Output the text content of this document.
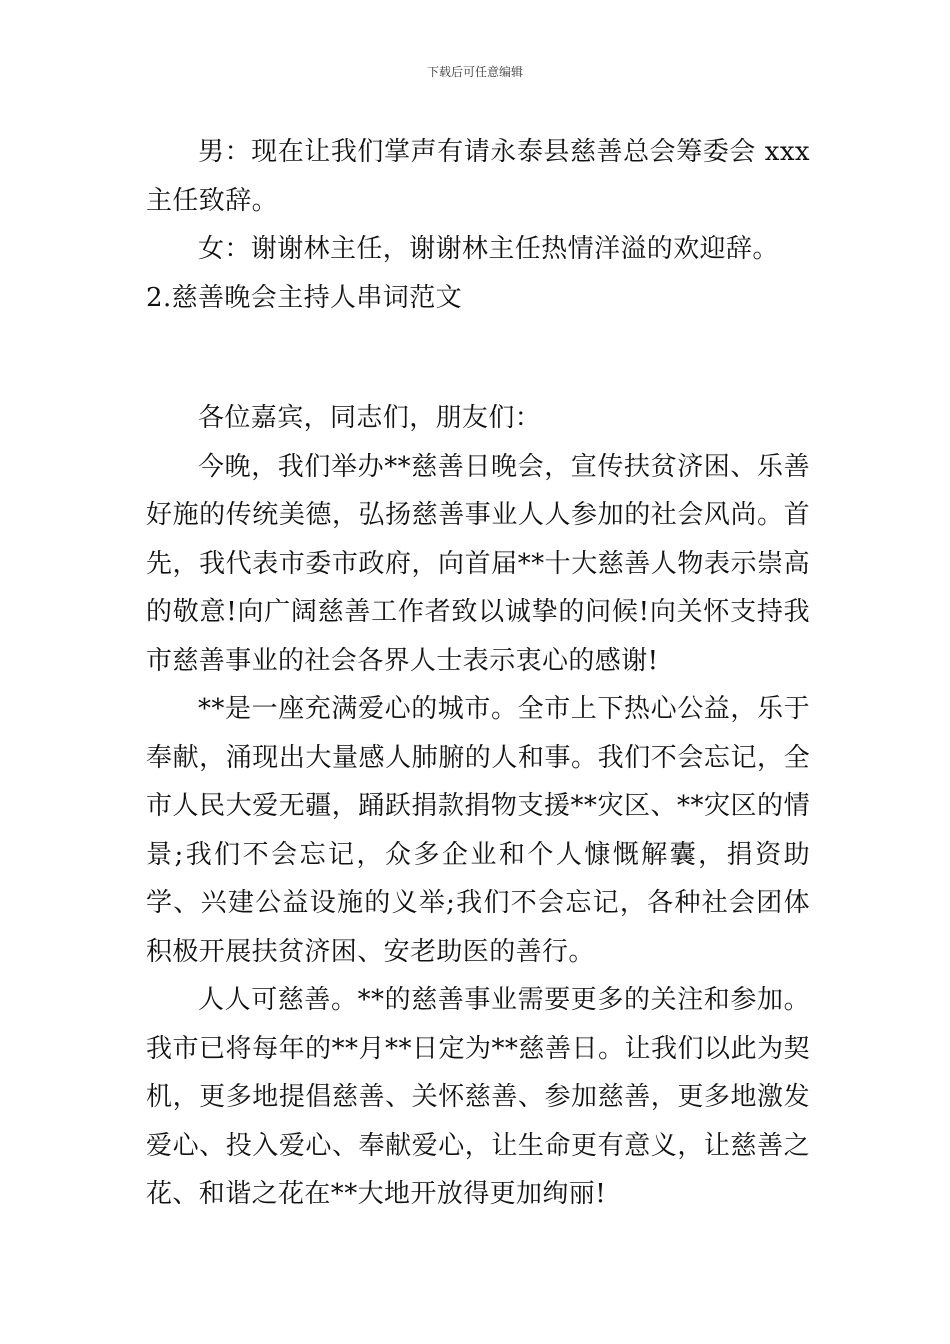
下载后可任意编辑

男：现在让我们掌声有请永泰县慈善总会筹委会 xxx 主任致辞。

女：谢谢林主任，谢谢林主任热情洋溢的欢迎辞。

2.慈善晚会主持人串词范文

各位嘉宾，同志们，朋友们：

今晚，我们举办**慈善日晚会，宣传扶贫济困、乐善好施的传统美德，弘扬慈善事业人人参加的社会风尚。首先，我代表市委市政府，向首届**十大慈善人物表示崇高的敬意!向广阔慈善工作者致以诚挚的问候!向关怀支持我市慈善事业的社会各界人士表示衷心的感谢!

**是一座充满爱心的城市。全市上下热心公益，乐于奉献，涌现出大量感人肺腑的人和事。我们不会忘记，全市人民大爱无疆，踊跃捐款捐物支援**灾区、**灾区的情景;我们不会忘记，众多企业和个人慷慨解囊，捐资助学、兴建公益设施的义举;我们不会忘记，各种社会团体积极开展扶贫济困、安老助医的善行。

人人可慈善。**的慈善事业需要更多的关注和参加。我市已将每年的**月**日定为**慈善日。让我们以此为契机，更多地提倡慈善、关怀慈善、参加慈善，更多地激发爱心、投入爱心、奉献爱心，让生命更有意义，让慈善之花、和谐之花在**大地开放得更加绚丽!
